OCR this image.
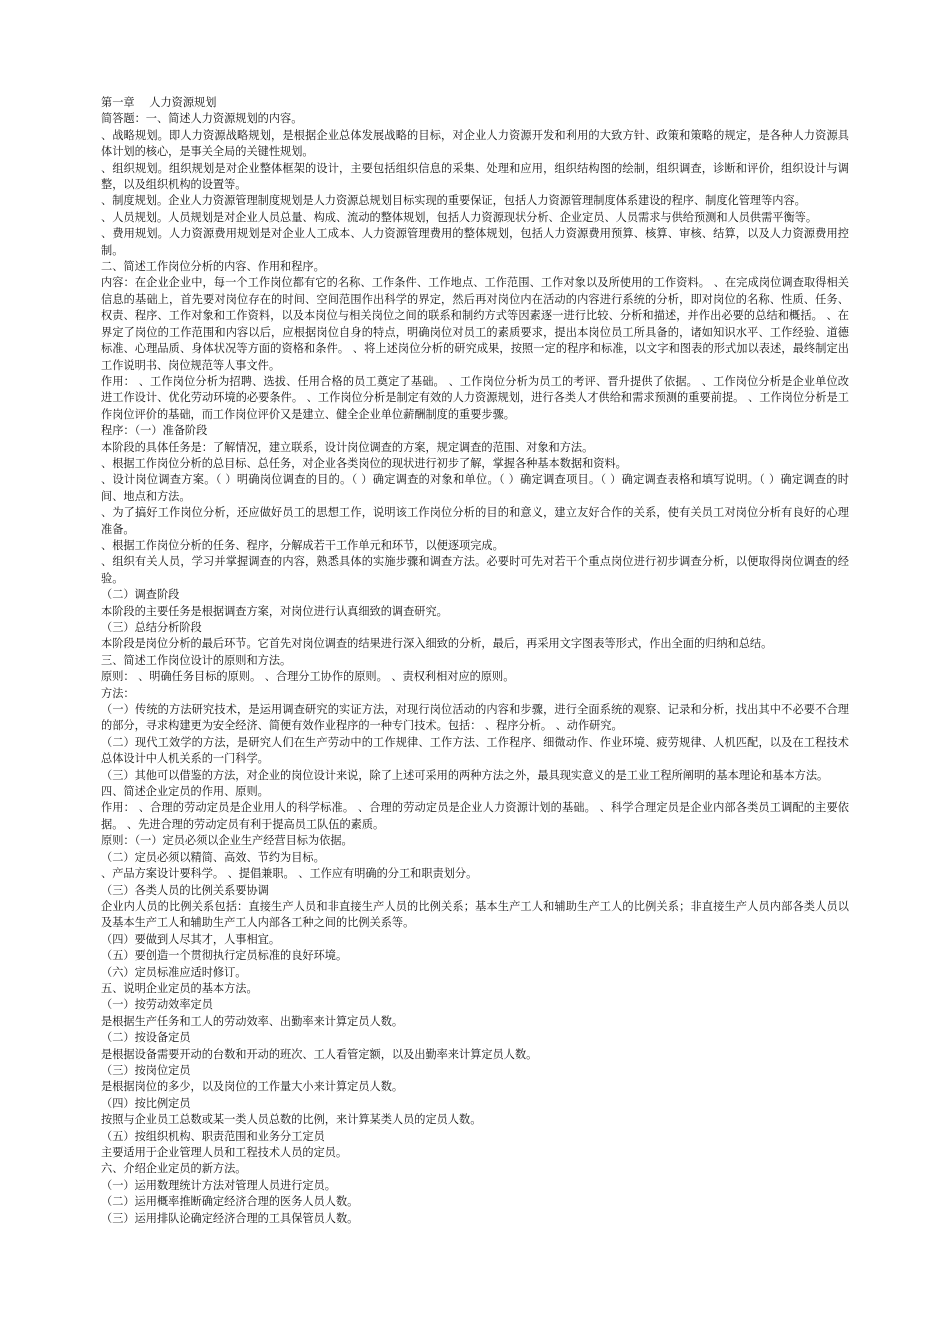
第一章　 人力资源规划

简答题：一、简述人力资源规划的内容。

、战略规划。即人力资源战略规划，是根据企业总体发展战略的目标，对企业人力资源开发和利用的大致方针、政策和策略的规定，是各种人力资源具体计划的核心，是事关全局的关键性规划。

、组织规划。组织规划是对企业整体框架的设计，主要包括组织信息的采集、处理和应用，组织结构图的绘制，组织调查，诊断和评价，组织设计与调整，以及组织机构的设置等。

、制度规划。企业人力资源管理制度规划是人力资源总规划目标实现的重要保证，包括人力资源管理制度体系建设的程序、制度化管理等内容。

、人员规划。人员规划是对企业人员总量、构成、流动的整体规划，包括人力资源现状分析、企业定员、人员需求与供给预测和人员供需平衡等。

、费用规划。人力资源费用规划是对企业人工成本、人力资源管理费用的整体规划，包括人力资源费用预算、核算、审核、结算，以及人力资源费用控制。

二、简述工作岗位分析的内容、作用和程序。

内容：在企业企业中，每一个工作岗位都有它的名称、工作条件、工作地点、工作范围、工作对象以及所使用的工作资料。 、在完成岗位调查取得相关信息的基础上，首先要对岗位存在的时间、空间范围作出科学的界定，然后再对岗位内在活动的内容进行系统的分析，即对岗位的名称、性质、任务、权责、程序、工作对象和工作资料，以及本岗位与相关岗位之间的联系和制约方式等因素逐一进行比较、分析和描述，并作出必要的总结和概括。 、在界定了岗位的工作范围和内容以后，应根据岗位自身的特点，明确岗位对员工的素质要求，提出本岗位员工所具备的，诸如知识水平、工作经验、道德标准、心理品质、身体状况等方面的资格和条件。 、将上述岗位分析的研究成果，按照一定的程序和标准，以文字和图表的形式加以表述，最终制定出工作说明书、岗位规范等人事文件。

作用： 、工作岗位分析为招聘、选拔、任用合格的员工奠定了基础。 、工作岗位分析为员工的考评、晋升提供了依据。 、工作岗位分析是企业单位改进工作设计、优化劳动环境的必要条件。 、工作岗位分析是制定有效的人力资源规划，进行各类人才供给和需求预测的重要前提。 、工作岗位分析是工作岗位评价的基础，而工作岗位评价又是建立、健全企业单位薪酬制度的重要步骤。

程序：（一）准备阶段

本阶段的具体任务是：了解情况，建立联系，设计岗位调查的方案，规定调查的范围、对象和方法。

、根据工作岗位分析的总目标、总任务，对企业各类岗位的现状进行初步了解，掌握各种基本数据和资料。

、设计岗位调查方案。（ ）明确岗位调查的目的。（ ）确定调查的对象和单位。（ ）确定调查项目。（ ）确定调查表格和填写说明。（ ）确定调查的时间、地点和方法。

、为了搞好工作岗位分析，还应做好员工的思想工作，说明该工作岗位分析的目的和意义，建立友好合作的关系，使有关员工对岗位分析有良好的心理准备。

、根据工作岗位分析的任务、程序，分解成若干工作单元和环节，以便逐项完成。

、组织有关人员，学习并掌握调查的内容，熟悉具体的实施步骤和调查方法。必要时可先对若干个重点岗位进行初步调查分析，以便取得岗位调查的经验。

（二）调查阶段

本阶段的主要任务是根据调查方案，对岗位进行认真细致的调查研究。

（三）总结分析阶段

本阶段是岗位分析的最后环节。它首先对岗位调查的结果进行深入细致的分析，最后，再采用文字图表等形式，作出全面的归纳和总结。

三、简述工作岗位设计的原则和方法。

原则： 、明确任务目标的原则。 、合理分工协作的原则。 、责权利相对应的原则。

方法：

（一）传统的方法研究技术，是运用调查研究的实证方法，对现行岗位活动的内容和步骤，进行全面系统的观察、记录和分析，找出其中不必要不合理的部分，寻求构建更为安全经济、简便有效作业程序的一种专门技术。包括： 、程序分析。 、动作研究。

（二）现代工效学的方法，是研究人们在生产劳动中的工作规律、工作方法、工作程序、细微动作、作业环境、疲劳规律、人机匹配，以及在工程技术总体设计中人机关系的一门科学。

（三）其他可以借鉴的方法，对企业的岗位设计来说，除了上述可采用的两种方法之外，最具现实意义的是工业工程所阐明的基本理论和基本方法。

四、简述企业定员的作用、原则。

作用： 、合理的劳动定员是企业用人的科学标准。 、合理的劳动定员是企业人力资源计划的基础。 、科学合理定员是企业内部各类员工调配的主要依据。 、先进合理的劳动定员有利于提高员工队伍的素质。

原则：（一）定员必须以企业生产经营目标为依据。

（二）定员必须以精简、高效、节约为目标。

、产品方案设计要科学。 、提倡兼职。 、工作应有明确的分工和职责划分。

（三）各类人员的比例关系要协调

企业内人员的比例关系包括：直接生产人员和非直接生产人员的比例关系；基本生产工人和辅助生产工人的比例关系；非直接生产人员内部各类人员以及基本生产工人和辅助生产工人内部各工种之间的比例关系等。

（四）要做到人尽其才，人事相宜。

（五）要创造一个贯彻执行定员标准的良好环境。

（六）定员标准应适时修订。

五、说明企业定员的基本方法。

（一）按劳动效率定员

是根据生产任务和工人的劳动效率、出勤率来计算定员人数。

（二）按设备定员

是根据设备需要开动的台数和开动的班次、工人看管定额，以及出勤率来计算定员人数。

（三）按岗位定员

是根据岗位的多少，以及岗位的工作量大小来计算定员人数。

（四）按比例定员

按照与企业员工总数或某一类人员总数的比例，来计算某类人员的定员人数。

（五）按组织机构、职责范围和业务分工定员

主要适用于企业管理人员和工程技术人员的定员。

六、介绍企业定员的新方法。

（一）运用数理统计方法对管理人员进行定员。

（二）运用概率推断确定经济合理的医务人员人数。

（三）运用排队论确定经济合理的工具保管员人数。
